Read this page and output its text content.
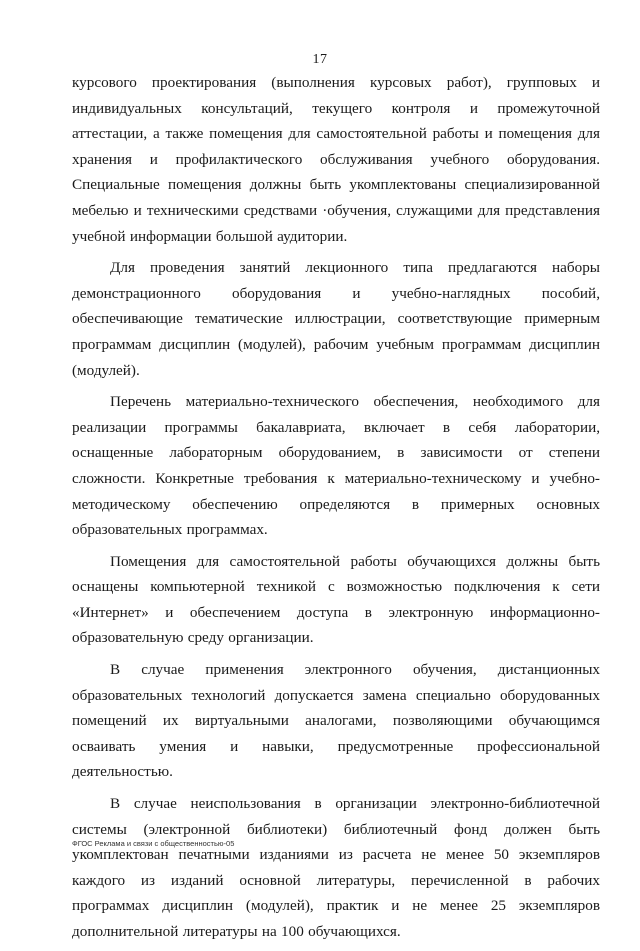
17

курсового проектирования (выполнения курсовых работ), групповых и индивидуальных консультаций, текущего контроля и промежуточной аттестации, а также помещения для самостоятельной работы и помещения для хранения и профилактического обслуживания учебного оборудования. Специальные помещения должны быть укомплектованы специализированной мебелью и техническими средствами ·обучения, служащими для представления учебной информации большой аудитории.

Для проведения занятий лекционного типа предлагаются наборы демонстрационного оборудования и учебно-наглядных пособий, обеспечивающие тематические иллюстрации, соответствующие примерным программам дисциплин (модулей), рабочим учебным программам дисциплин (модулей).

Перечень материально-технического обеспечения, необходимого для реализации программы бакалавриата, включает в себя лаборатории, оснащенные лабораторным оборудованием, в зависимости от степени сложности. Конкретные требования к материально-техническому и учебно-методическому обеспечению определяются в примерных основных образовательных программах.

Помещения для самостоятельной работы обучающихся должны быть оснащены компьютерной техникой с возможностью подключения к сети «Интернет» и обеспечением доступа в электронную информационно-образовательную среду организации.

В случае применения электронного обучения, дистанционных образовательных технологий допускается замена специально оборудованных помещений их виртуальными аналогами, позволяющими обучающимся осваивать умения и навыки, предусмотренные профессиональной деятельностью.

В случае неиспользования в организации электронно-библиотечной системы (электронной библиотеки) библиотечный фонд должен быть укомплектован печатными изданиями из расчета не менее 50 экземпляров каждого из изданий основной литературы, перечисленной в рабочих программах дисциплин (модулей), практик и не менее 25 экземпляров дополнительной литературы на 100 обучающихся.

ФГОС Реклама и связи с общественностью-05
